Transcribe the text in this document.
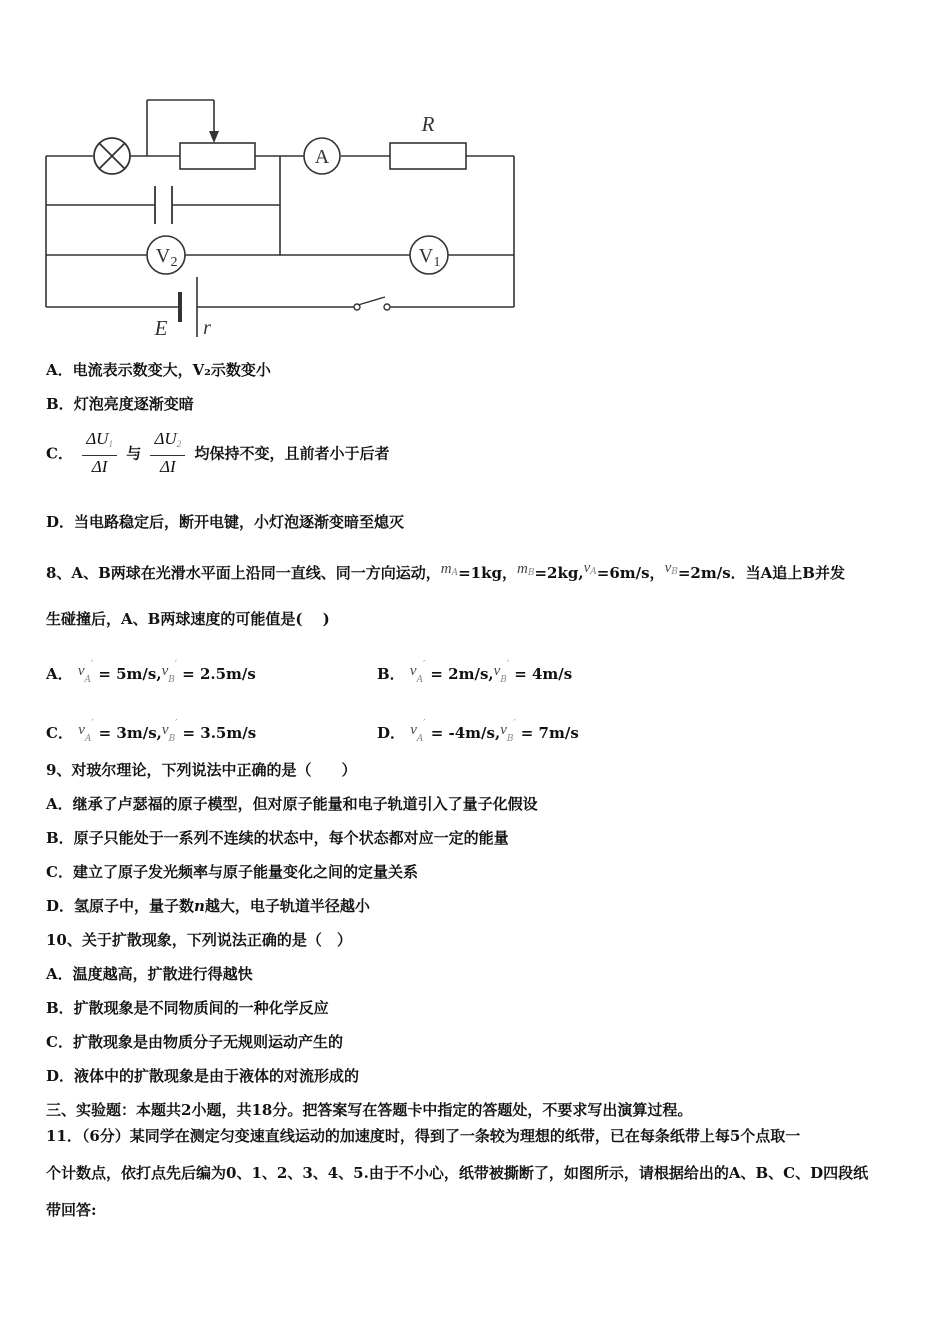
A
R
V 2	V 1
E r
A．电流表示数变大，V₂示数变小
B．灯泡亮度逐渐变暗
C． $\frac{\Delta U_1}{\Delta I}$ 与 $\frac{\Delta U_2}{\Delta I}$ 均保持不变，且前者小于后者
D．当电路稳定后，断开电键，小灯泡逐渐变暗至熄灭
8、A、B两球在光滑水平面上沿同一直线、同一方向运动，$m^A=1kg$，$m^B=2kg,v^A=6m/s$，$v^B=2m/s$．当A追上B并发
生碰撞后，A、B两球速度的可能值是(　 )
A． $v_A' = 5m/s,v_B' = 2.5m/s$	B． $v_A' = 2m/s,v_B' = 4m/s$
C． $v_A' = 3m/s,v_B' = 3.5m/s$	D． $v_A' = -4m/s,v_B' = 7m/s$
9、对玻尔理论，下列说法中正确的是（　　）
A．继承了卢瑟福的原子模型，但对原子能量和电子轨道引入了量子化假设
B．原子只能处于一系列不连续的状态中，每个状态都对应一定的能量
C．建立了原子发光频率与原子能量变化之间的定量关系
D．氢原子中，量子数n越大，电子轨道半径越小
10、关于扩散现象，下列说法正确的是（　）
A．温度越高，扩散进行得越快
B．扩散现象是不同物质间的一种化学反应
C．扩散现象是由物质分子无规则运动产生的
D．液体中的扩散现象是由于液体的对流形成的
三、实验题：本题共2小题，共18分。把答案写在答题卡中指定的答题处，不要求写出演算过程。
11．（6分）某同学在测定匀变速直线运动的加速度时，得到了一条较为理想的纸带，已在每条纸带上每5个点取一
个计数点，依打点先后编为0、1、2、3、4、5.由于不小心，纸带被撕断了，如图所示，请根据给出的A、B、C、D四段纸
带回答:
